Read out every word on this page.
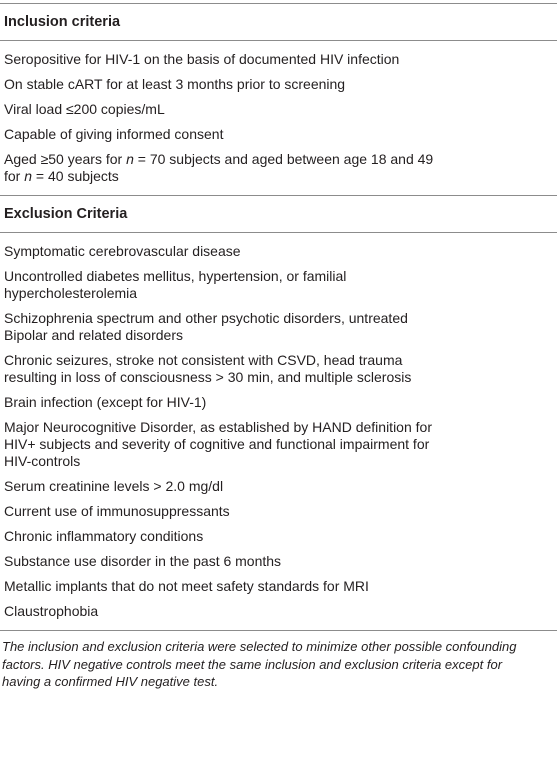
Inclusion criteria
Seropositive for HIV-1 on the basis of documented HIV infection
On stable cART for at least 3 months prior to screening
Viral load ≤200 copies/mL
Capable of giving informed consent
Aged ≥50 years for n = 70 subjects and aged between age 18 and 49
for n = 40 subjects
Exclusion Criteria
Symptomatic cerebrovascular disease
Uncontrolled diabetes mellitus, hypertension, or familial
hypercholesterolemia
Schizophrenia spectrum and other psychotic disorders, untreated
Bipolar and related disorders
Chronic seizures, stroke not consistent with CSVD, head trauma
resulting in loss of consciousness > 30 min, and multiple sclerosis
Brain infection (except for HIV-1)
Major Neurocognitive Disorder, as established by HAND definition for
HIV+ subjects and severity of cognitive and functional impairment for
HIV-controls
Serum creatinine levels > 2.0 mg/dl
Current use of immunosuppressants
Chronic inflammatory conditions
Substance use disorder in the past 6 months
Metallic implants that do not meet safety standards for MRI
Claustrophobia
The inclusion and exclusion criteria were selected to minimize other possible confounding
factors. HIV negative controls meet the same inclusion and exclusion criteria except for
having a confirmed HIV negative test.
